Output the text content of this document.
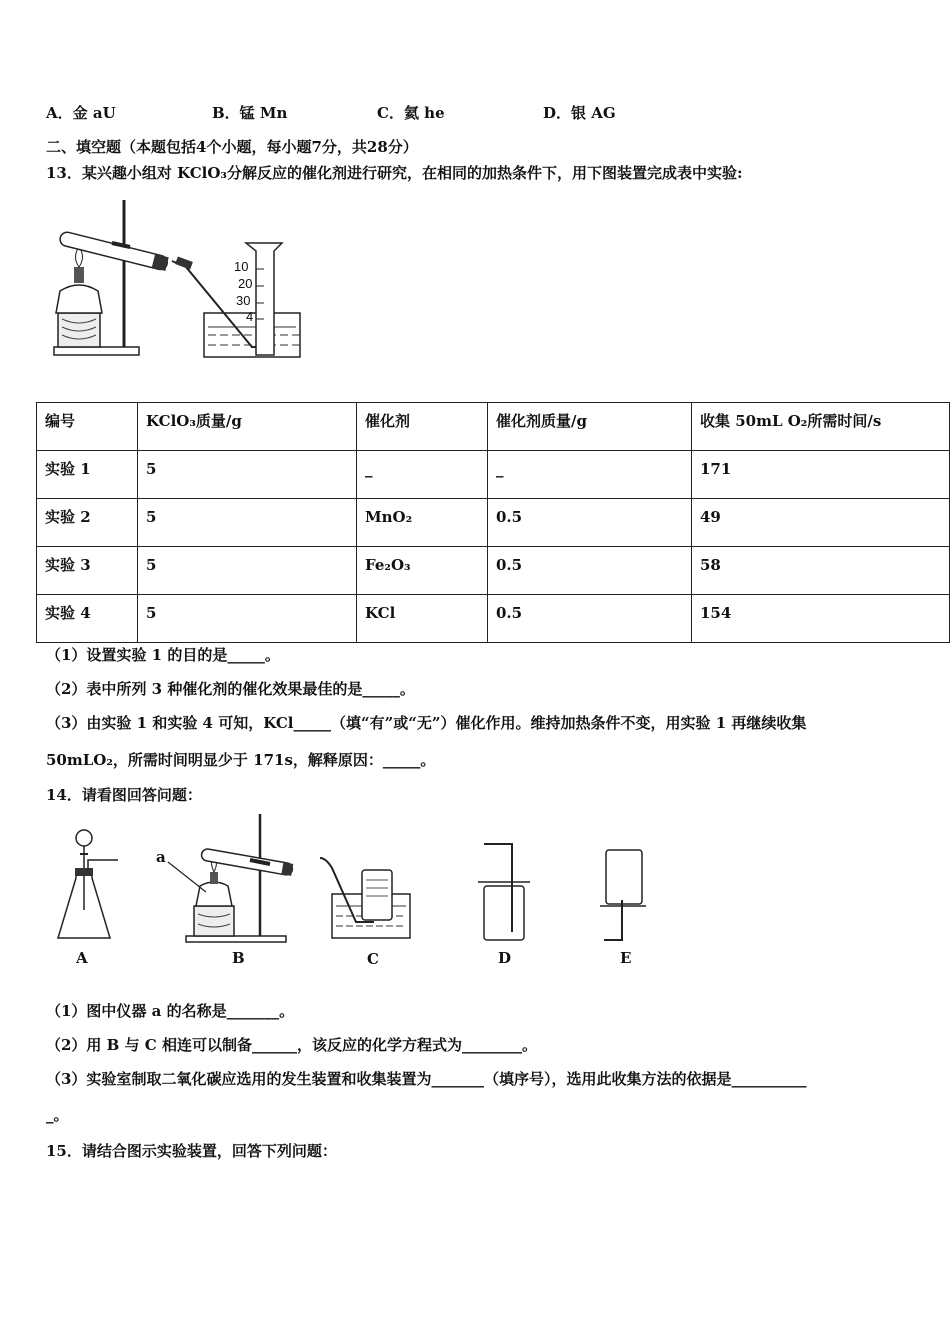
A．金 aU	B．锰 Mn	C．氦 he	D．银 AG
二、填空题（本题包括4个小题，每小题7分，共28分）
13．某兴趣小组对 KClO₃分解反应的催化剂进行研究，在相同的加热条件下，用下图装置完成表中实验:
10
20
30
4
编号	KClO₃质量/g	催化剂	催化剂质量/g	收集 50mL O₂所需时间/s
实验 1	5	_	_	171
实验 2	5	MnO₂	0.5	49
实验 3	5	Fe₂O₃	0.5	58
实验 4	5	KCl	0.5	154
（1）设置实验 1 的目的是_____。
（2）表中所列 3 种催化剂的催化效果最佳的是_____。
（3）由实验 1 和实验 4 可知，KCl_____（填“有”或“无”）催化作用。维持加热条件不变，用实验 1 再继续收集
50mLO₂，所需时间明显少于 171s，解释原因：_____。
14．请看图回答问题：
A	B	C	D	E
a
（1）图中仪器 a 的名称是_______。
（2）用 B 与 C 相连可以制备______，该反应的化学方程式为________。
（3）实验室制取二氧化碳应选用的发生装置和收集装置为_______（填序号），选用此收集方法的依据是__________
_。
15．请结合图示实验装置，回答下列问题：
